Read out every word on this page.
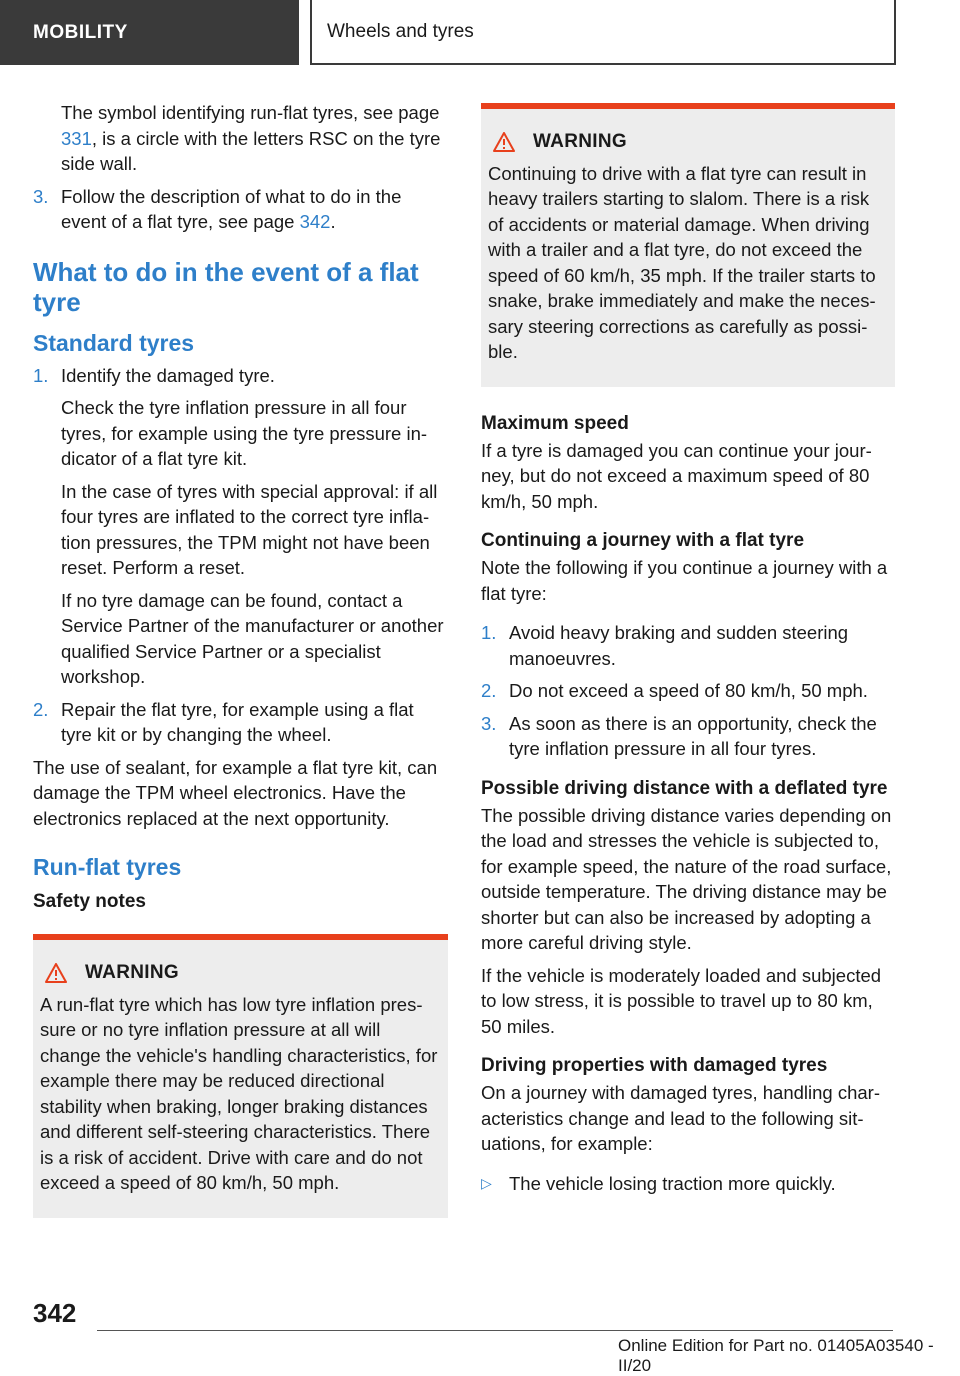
MOBILITY	Wheels and tyres

The symbol identifying run-flat tyres, see page 331, is a circle with the letters RSC on the tyre side wall.

3. Follow the description of what to do in the event of a flat tyre, see page 342.

What to do in the event of a flat tyre
Standard tyres
1. Identify the damaged tyre.

Check the tyre inflation pressure in all four tyres, for example using the tyre pressure indicator of a flat tyre kit.

In the case of tyres with special approval: if all four tyres are inflated to the correct tyre inflation pressures, the TPM might not have been reset. Perform a reset.

If no tyre damage can be found, contact a Service Partner of the manufacturer or another qualified Service Partner or a specialist workshop.

2. Repair the flat tyre, for example using a flat tyre kit or by changing the wheel.

The use of sealant, for example a flat tyre kit, can damage the TPM wheel electronics. Have the electronics replaced at the next opportunity.

Run-flat tyres
Safety notes
WARNING

A run-flat tyre which has low tyre inflation pressure or no tyre inflation pressure at all will change the vehicle's handling characteristics, for example there may be reduced directional stability when braking, longer braking distances and different self-steering characteristics. There is a risk of accident. Drive with care and do not exceed a speed of 80 km/h, 50 mph.

WARNING

Continuing to drive with a flat tyre can result in heavy trailers starting to slalom. There is a risk of accidents or material damage. When driving with a trailer and a flat tyre, do not exceed the speed of 60 km/h, 35 mph. If the trailer starts to snake, brake immediately and make the necessary steering corrections as carefully as possible.

Maximum speed

If a tyre is damaged you can continue your journey, but do not exceed a maximum speed of 80 km/h, 50 mph.

Continuing a journey with a flat tyre

Note the following if you continue a journey with a flat tyre:

1. Avoid heavy braking and sudden steering manoeuvres.

2. Do not exceed a speed of 80 km/h, 50 mph.

3. As soon as there is an opportunity, check the tyre inflation pressure in all four tyres.

Possible driving distance with a deflated tyre

The possible driving distance varies depending on the load and stresses the vehicle is subjected to, for example speed, the nature of the road surface, outside temperature. The driving distance may be shorter but can also be increased by adopting a more careful driving style.

If the vehicle is moderately loaded and subjected to low stress, it is possible to travel up to 80 km, 50 miles.

Driving properties with damaged tyres

On a journey with damaged tyres, handling characteristics change and lead to the following situations, for example:

▷ The vehicle losing traction more quickly.

342
Online Edition for Part no. 01405A03540 - II/20
